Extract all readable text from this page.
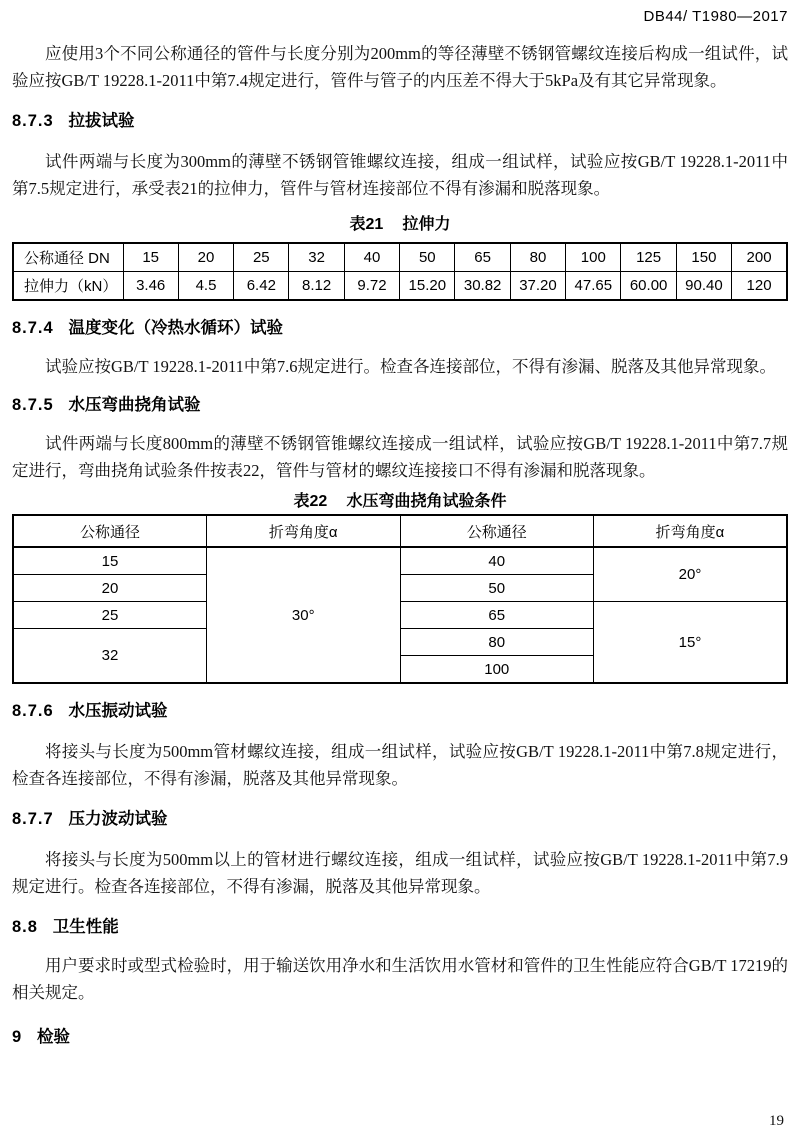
DB44/ T1980—2017

应使用3个不同公称通径的管件与长度分别为200mm的等径薄壁不锈钢管螺纹连接后构成一组试件，试验应按GB/T 19228.1-2011中第7.4规定进行，管件与管子的内压差不得大于5kPa及有其它异常现象。

8.7.3 拉拔试验

试件两端与长度为300mm的薄壁不锈钢管锥螺纹连接，组成一组试样，试验应按GB/T 19228.1-2011中第7.5规定进行，承受表21的拉伸力，管件与管材连接部位不得有渗漏和脱落现象。

表21 拉伸力
公称通径 DN	15	20	25	32	40	50	65	80	100	125	150	200
拉伸力（kN）	3.46	4.5	6.42	8.12	9.72	15.20	30.82	37.20	47.65	60.00	90.40	120
8.7.4 温度变化（冷热水循环）试验

试验应按GB/T 19228.1-2011中第7.6规定进行。检查各连接部位，不得有渗漏、脱落及其他异常现象。

8.7.5 水压弯曲挠角试验

试件两端与长度800mm的薄壁不锈钢管锥螺纹连接成一组试样，试验应按GB/T 19228.1-2011中第7.7规定进行，弯曲挠角试验条件按表22，管件与管材的螺纹连接接口不得有渗漏和脱落现象。

表22 水压弯曲挠角试验条件
公称通径	折弯角度α	公称通径	折弯角度α
15	30°	40	20°
20		50	
25		65	15°
32		80	
		100	
8.7.6 水压振动试验

将接头与长度为500mm管材螺纹连接，组成一组试样，试验应按GB/T 19228.1-2011中第7.8规定进行，检查各连接部位，不得有渗漏，脱落及其他异常现象。

8.7.7 压力波动试验

将接头与长度为500mm以上的管材进行螺纹连接，组成一组试样，试验应按GB/T 19228.1-2011中第7.9规定进行。检查各连接部位，不得有渗漏，脱落及其他异常现象。

8.8 卫生性能

用户要求时或型式检验时，用于输送饮用净水和生活饮用水管材和管件的卫生性能应符合GB/T 17219的相关规定。

9 检验
19
